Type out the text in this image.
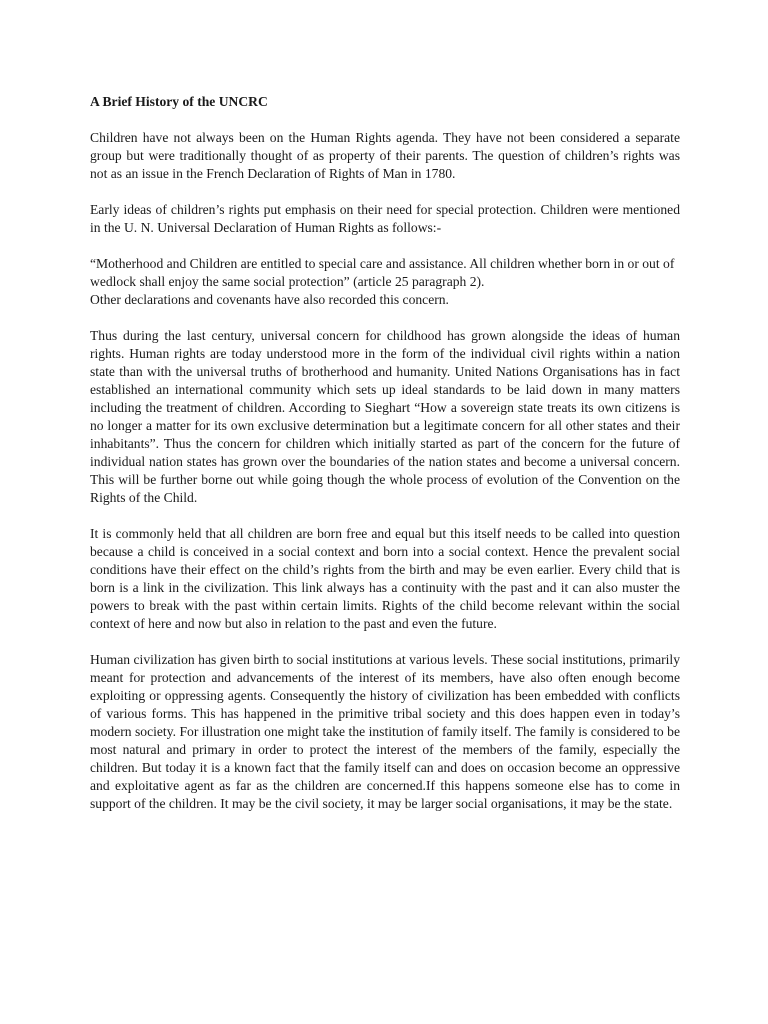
A Brief History of the UNCRC

Children have not always been on the Human Rights agenda. They have not been considered a separate group but were traditionally thought of as property of their parents. The question of children’s rights was not as an issue in the French Declaration of Rights of Man in 1780.

Early ideas of children’s rights put emphasis on their need for special protection. Children were mentioned in the U. N. Universal Declaration of Human Rights as follows:-

“Motherhood and Children are entitled to special care and assistance. All children whether born in or out of wedlock shall enjoy the same social protection” (article 25 paragraph 2).
Other declarations and covenants have also recorded this concern.

Thus during the last century, universal concern for childhood has grown alongside the ideas of human rights. Human rights are today understood more in the form of the individual civil rights within a nation state than with the universal truths of brotherhood and humanity. United Nations Organisations has in fact established an international community which sets up ideal standards to be laid down in many matters including the treatment of children. According to Sieghart “How a sovereign state treats its own citizens is no longer a matter for its own exclusive determination but a legitimate concern for all other states and their inhabitants”. Thus the concern for children which initially started as part of the concern for the future of individual nation states has grown over the boundaries of the nation states and become a universal concern. This will be further borne out while going though the whole process of evolution of the Convention on the Rights of the Child.

It is commonly held that all children are born free and equal but this itself needs to be called into question because a child is conceived in a social context and born into a social context. Hence the prevalent social conditions have their effect on the child’s rights from the birth and may be even earlier. Every child that is born is a link in the civilization. This link always has a continuity with the past and it can also muster the powers to break with the past within certain limits. Rights of the child become relevant within the social context of here and now but also in relation to the past and even the future.

Human civilization has given birth to social institutions at various levels. These social institutions, primarily meant for protection and advancements of the interest of its members, have also often enough become exploiting or oppressing agents. Consequently the history of civilization has been embedded with conflicts of various forms. This has happened in the primitive tribal society and this does happen even in today’s modern society. For illustration one might take the institution of family itself. The family is considered to be most natural and primary in order to protect the interest of the members of the family, especially the children. But today it is a known fact that the family itself can and does on occasion become an oppressive and exploitative agent as far as the children are concerned.If this happens someone else has to come in support of the children. It may be the civil society, it may be larger social organisations, it may be the state.
